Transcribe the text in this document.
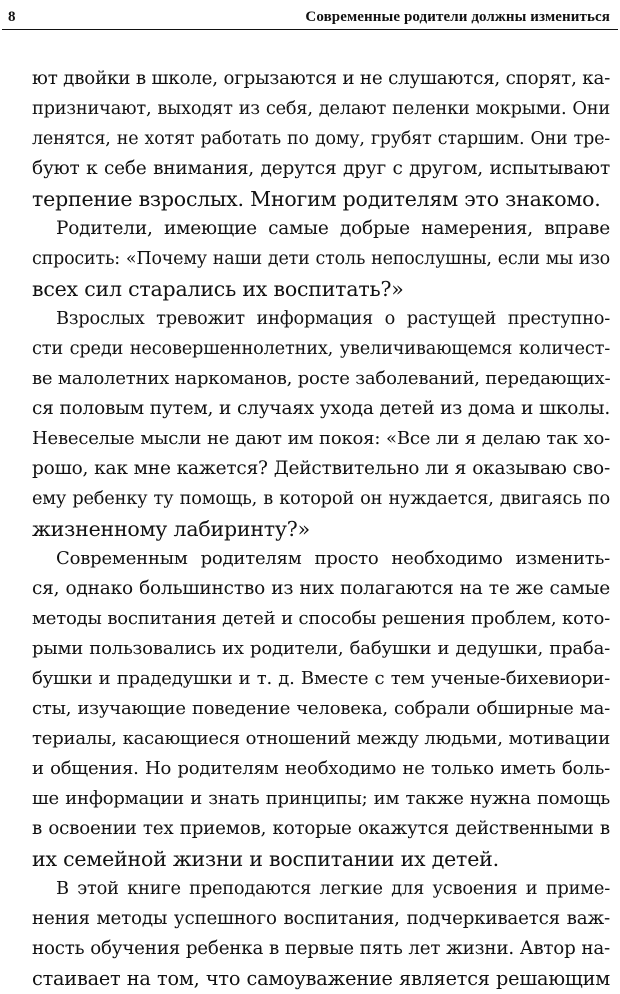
8	Современные родители должны измениться
ют двойки в школе, огрызаются и не слушаются, спорят, ка-
призничают, выходят из себя, делают пеленки мокрыми. Они
ленятся, не хотят работать по дому, грубят старшим. Они тре-
буют к себе внимания, дерутся друг с другом, испытывают
терпение взрослых. Многим родителям это знакомо.
Родители, имеющие самые добрые намерения, вправе
спросить: «Почему наши дети столь непослушны, если мы изо
всех сил старались их воспитать?»
Взрослых тревожит информация о растущей преступно-
сти среди несовершеннолетних, увеличивающемся количест-
ве малолетних наркоманов, росте заболеваний, передающих-
ся половым путем, и случаях ухода детей из дома и школы.
Невеселые мысли не дают им покоя: «Все ли я делаю так хо-
рошо, как мне кажется? Действительно ли я оказываю сво-
ему ребенку ту помощь, в которой он нуждается, двигаясь по
жизненному лабиринту?»
Современным родителям просто необходимо изменить-
ся, однако большинство из них полагаются на те же самые
методы воспитания детей и способы решения проблем, кото-
рыми пользовались их родители, бабушки и дедушки, праба-
бушки и прадедушки и т. д. Вместе с тем ученые-бихевиори-
сты, изучающие поведение человека, собрали обширные ма-
териалы, касающиеся отношений между людьми, мотивации
и общения. Но родителям необходимо не только иметь боль-
ше информации и знать принципы; им также нужна помощь
в освоении тех приемов, которые окажутся действенными в
их семейной жизни и воспитании их детей.
В этой книге преподаются легкие для усвоения и приме-
нения методы успешного воспитания, подчеркивается важ-
ность обучения ребенка в первые пять лет жизни. Автор на-
стаивает на том, что самоуважение является решающим
